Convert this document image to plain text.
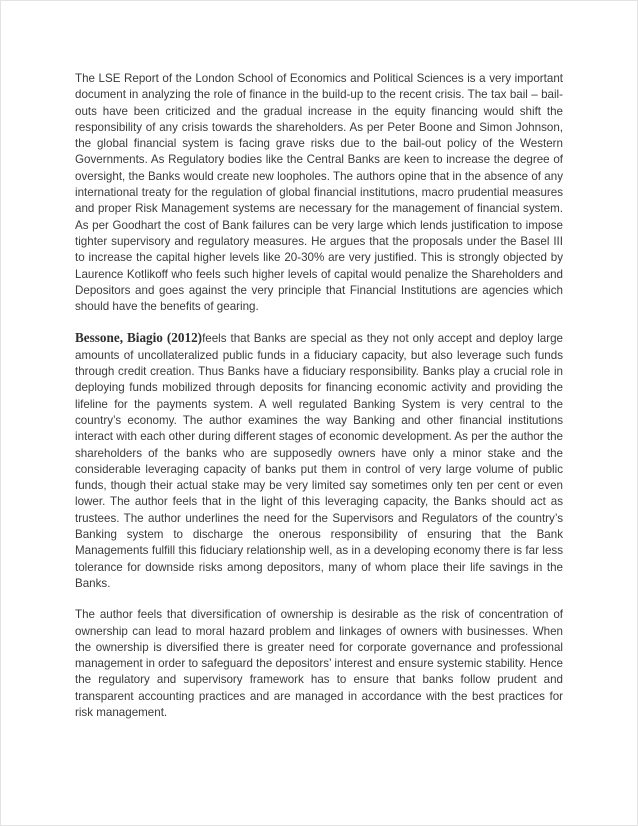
The LSE Report of the London School of Economics and Political Sciences is a very important document in analyzing the role of finance in the build-up to the recent crisis. The tax bail – bail-outs have been criticized and the gradual increase in the equity financing would shift the responsibility of any crisis towards the shareholders. As per Peter Boone and Simon Johnson, the global financial system is facing grave risks due to the bail-out policy of the Western Governments. As Regulatory bodies like the Central Banks are keen to increase the degree of oversight, the Banks would create new loopholes. The authors opine that in the absence of any international treaty for the regulation of global financial institutions, macro prudential measures and proper Risk Management systems are necessary for the management of financial system. As per Goodhart the cost of Bank failures can be very large which lends justification to impose tighter supervisory and regulatory measures. He argues that the proposals under the Basel III to increase the capital higher levels like 20-30% are very justified. This is strongly objected by Laurence Kotlikoff who feels such higher levels of capital would penalize the Shareholders and Depositors and goes against the very principle that Financial Institutions are agencies which should have the benefits of gearing.

Bessone, Biagio (2012)feels that Banks are special as they not only accept and deploy large amounts of uncollateralized public funds in a fiduciary capacity, but also leverage such funds through credit creation. Thus Banks have a fiduciary responsibility. Banks play a crucial role in deploying funds mobilized through deposits for financing economic activity and providing the lifeline for the payments system. A well regulated Banking System is very central to the country’s economy. The author examines the way Banking and other financial institutions interact with each other during different stages of economic development. As per the author the shareholders of the banks who are supposedly owners have only a minor stake and the considerable leveraging capacity of banks put them in control of very large volume of public funds, though their actual stake may be very limited say sometimes only ten per cent or even lower. The author feels that in the light of this leveraging capacity, the Banks should act as trustees. The author underlines the need for the Supervisors and Regulators of the country’s Banking system to discharge the onerous responsibility of ensuring that the Bank Managements fulfill this fiduciary relationship well, as in a developing economy there is far less tolerance for downside risks among depositors, many of whom place their life savings in the Banks.

The author feels that diversification of ownership is desirable as the risk of concentration of ownership can lead to moral hazard problem and linkages of owners with businesses. When the ownership is diversified there is greater need for corporate governance and professional management in order to safeguard the depositors’ interest and ensure systemic stability. Hence the regulatory and supervisory framework has to ensure that banks follow prudent and transparent accounting practices and are managed in accordance with the best practices for risk management.
